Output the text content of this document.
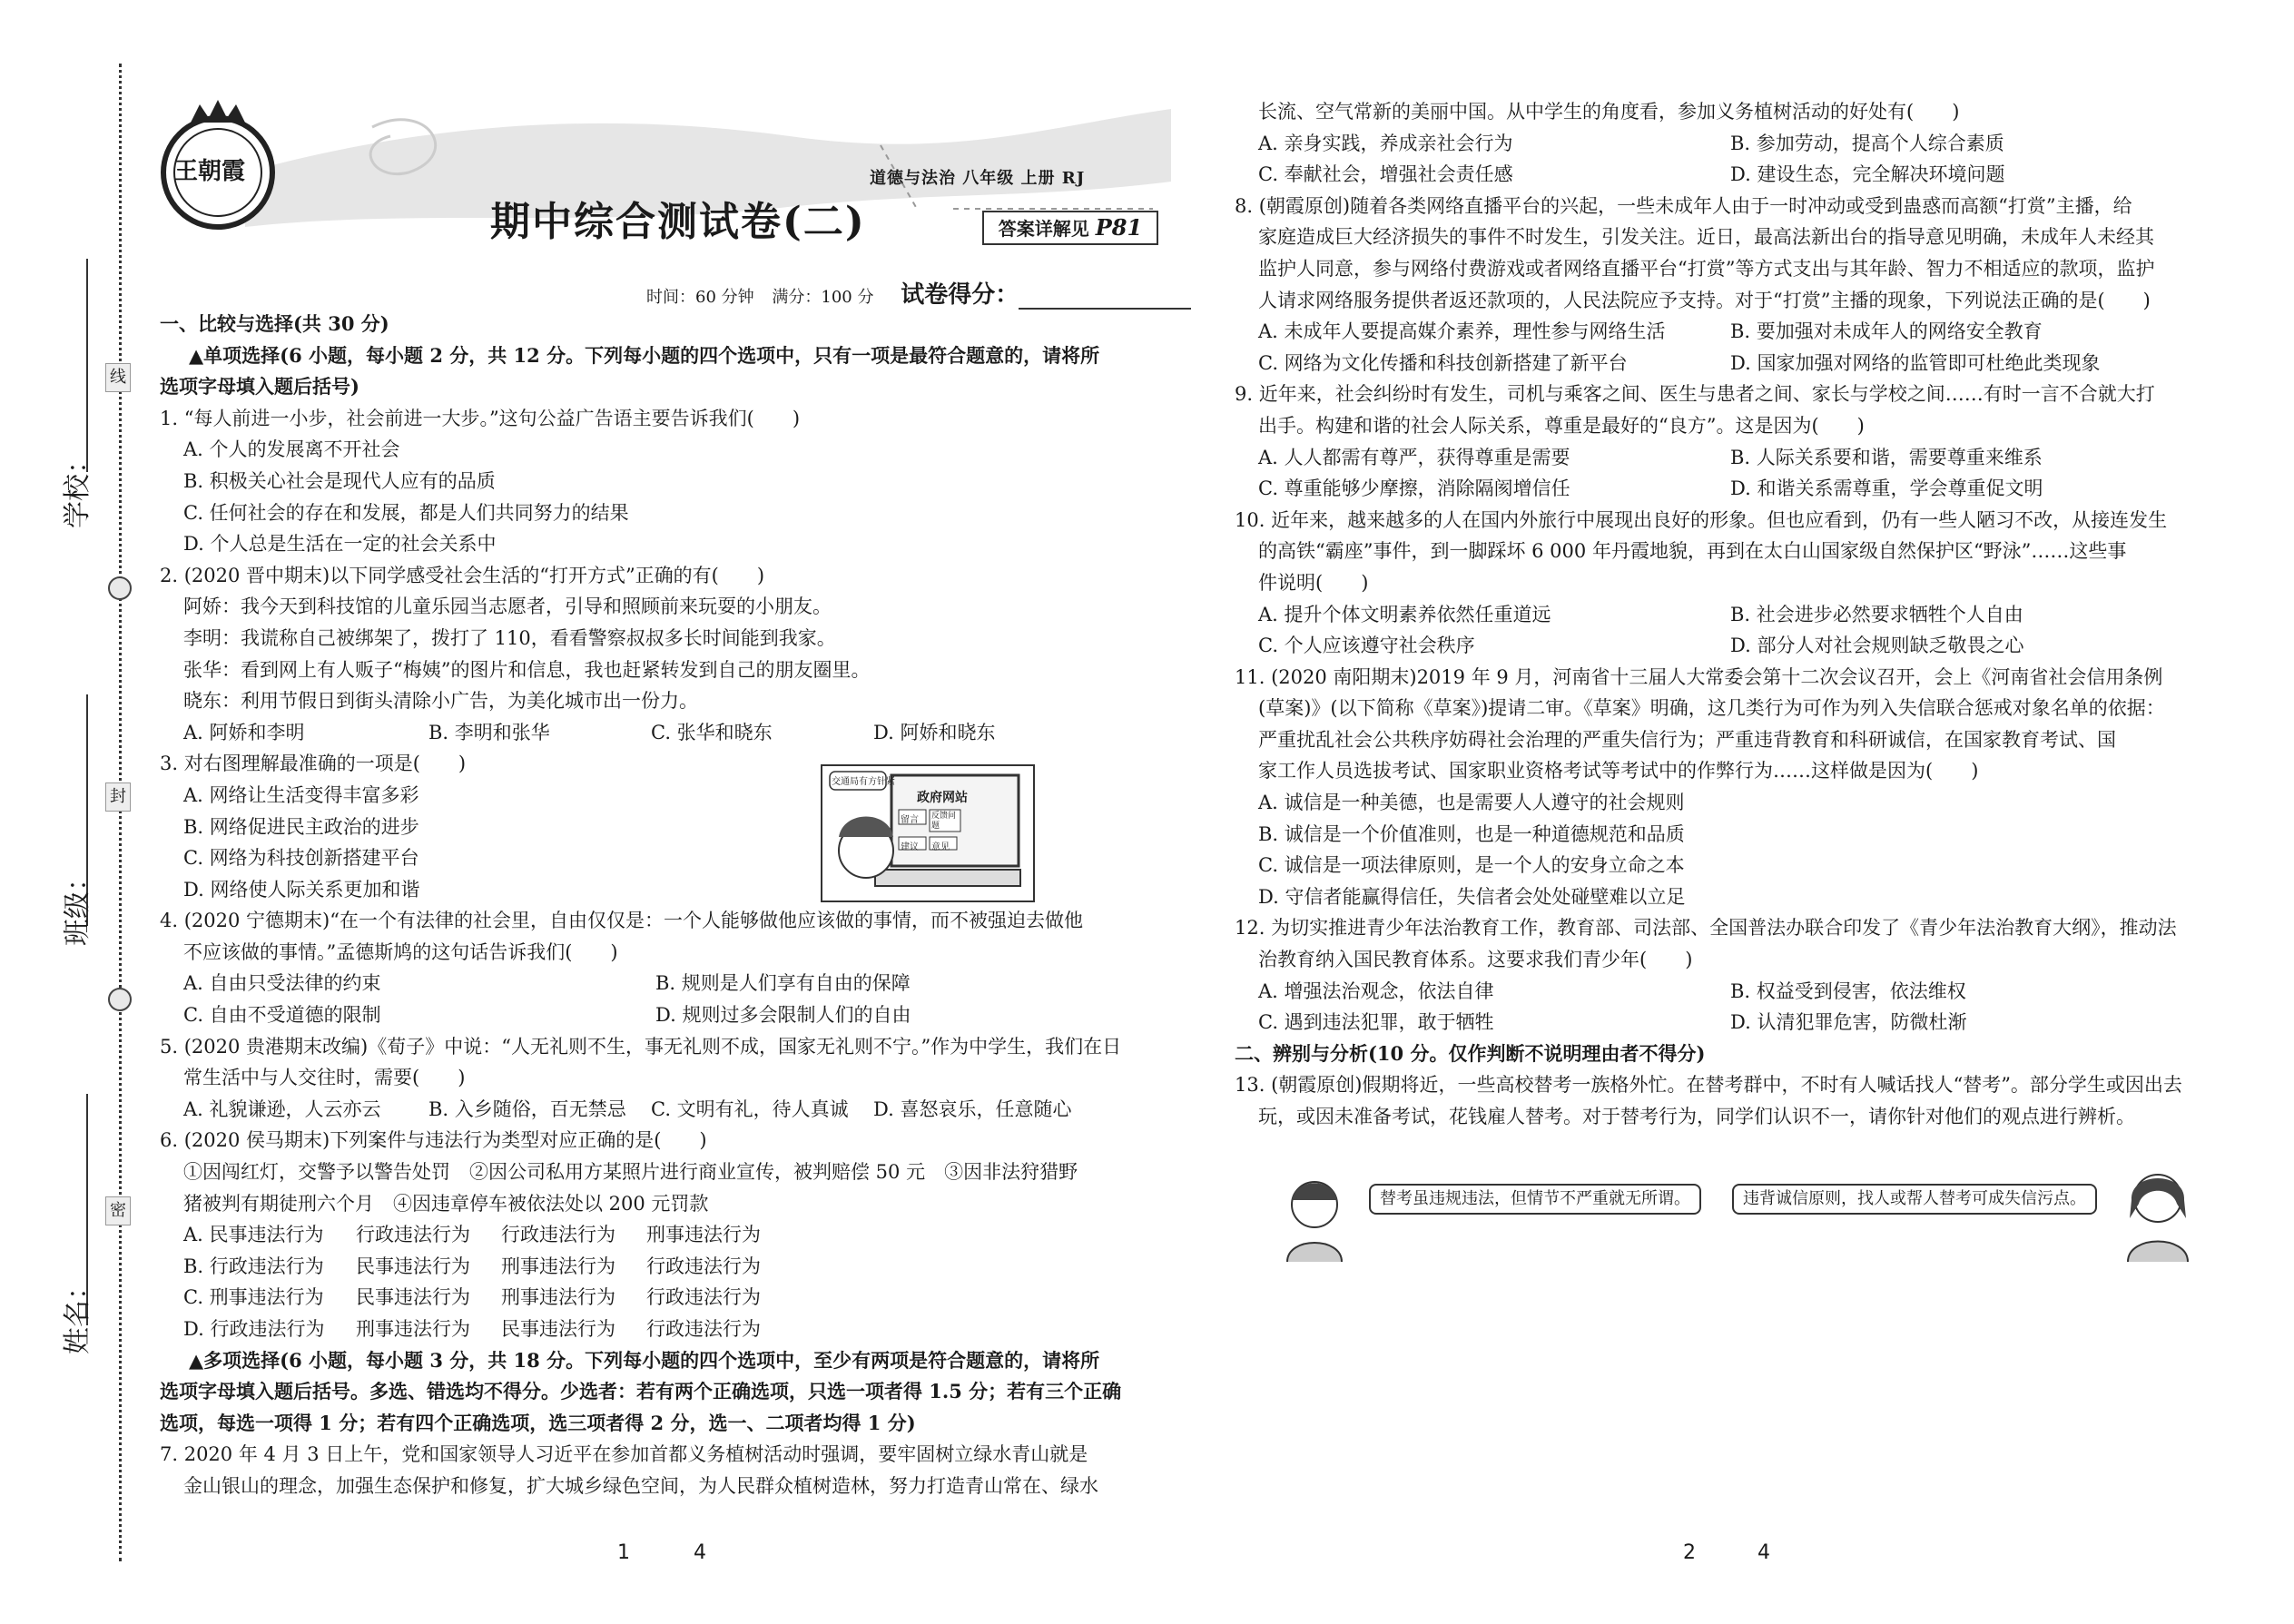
线
封
密
学校：
班级：
姓名：
王朝霞	道德与法治 八年级 上册 RJ
期中综合测试卷(二)	答案详解见 P81
时间：60 分钟 满分：100 分 试卷得分：

一、比较与选择(共 30 分)

▲单项选择(6 小题，每小题 2 分，共 12 分。下列每小题的四个选项中，只有一项是最符合题意的，请将所

选项字母填入题后括号)

1. “每人前进一小步，社会前进一大步。”这句公益广告语主要告诉我们(　　)

A. 个人的发展离不开社会

B. 积极关心社会是现代人应有的品质

C. 任何社会的存在和发展，都是人们共同努力的结果

D. 个人总是生活在一定的社会关系中

2. (2020 晋中期末)以下同学感受社会生活的“打开方式”正确的有(　　)

阿娇：我今天到科技馆的儿童乐园当志愿者，引导和照顾前来玩耍的小朋友。

李明：我谎称自己被绑架了，拨打了 110，看看警察叔叔多长时间能到我家。

张华：看到网上有人贩子“梅姨”的图片和信息，我也赶紧转发到自己的朋友圈里。

晓东：利用节假日到街头清除小广告，为美化城市出一份力。

A. 阿娇和李明	B. 李明和张华	C. 张华和晓东	D. 阿娇和晓东

3. 对右图理解最准确的一项是(　　)

A. 网络让生活变得丰富多彩

B. 网络促进民主政治的进步

C. 网络为科技创新搭建平台

D. 网络使人际关系更加和谐

4. (2020 宁德期末)“在一个有法律的社会里，自由仅仅是：一个人能够做他应该做的事情，而不被强迫去做他

不应该做的事情。”孟德斯鸠的这句话告诉我们(　　)

A. 自由只受法律的约束	B. 规则是人们享有自由的保障
C. 自由不受道德的限制	D. 规则过多会限制人们的自由

5. (2020 贵港期末改编)《荀子》中说：“人无礼则不生，事无礼则不成，国家无礼则不宁。”作为中学生，我们在日

常生活中与人交往时，需要(　　)

A. 礼貌谦逊，人云亦云	B. 入乡随俗，百无禁忌	C. 文明有礼，待人真诚	D. 喜怒哀乐，任意随心

6. (2020 侯马期末)下列案件与违法行为类型对应正确的是(　　)

①因闯红灯，交警予以警告处罚　②因公司私用方某照片进行商业宣传，被判赔偿 50 元　③因非法狩猎野

猪被判有期徒刑六个月　④因违章停车被依法处以 200 元罚款

A. 民事违法行为	行政违法行为	行政违法行为	刑事违法行为
B. 行政违法行为	民事违法行为	刑事违法行为	行政违法行为
C. 刑事违法行为	民事违法行为	刑事违法行为	行政违法行为
D. 行政违法行为	刑事违法行为	民事违法行为	行政违法行为

▲多项选择(6 小题，每小题 3 分，共 18 分。下列每小题的四个选项中，至少有两项是符合题意的，请将所

选项字母填入题后括号。多选、错选均不得分。少选者：若有两个正确选项，只选一项者得 1.5 分；若有三个正确

选项，每选一项得 1 分；若有四个正确选项，选三项者得 2 分，选一、二项者均得 1 分)

7. 2020 年 4 月 3 日上午，党和国家领导人习近平在参加首都义务植树活动时强调，要牢固树立绿水青山就是

金山银山的理念，加强生态保护和修复，扩大城乡绿色空间，为人民群众植树造林，努力打造青山常在、绿水

交通局有方针紧
政府网站
留言 反馈问题
建议 意见

长流、空气常新的美丽中国。从中学生的角度看，参加义务植树活动的好处有(　　)

A. 亲身实践，养成亲社会行为	B. 参加劳动，提高个人综合素质
C. 奉献社会，增强社会责任感	D. 建设生态，完全解决环境问题

8. (朝霞原创)随着各类网络直播平台的兴起，一些未成年人由于一时冲动或受到蛊惑而高额“打赏”主播，给

家庭造成巨大经济损失的事件不时发生，引发关注。近日，最高法新出台的指导意见明确，未成年人未经其

监护人同意，参与网络付费游戏或者网络直播平台“打赏”等方式支出与其年龄、智力不相适应的款项，监护

人请求网络服务提供者返还款项的，人民法院应予支持。对于“打赏”主播的现象，下列说法正确的是(　　)

A. 未成年人要提高媒介素养，理性参与网络生活	B. 要加强对未成年人的网络安全教育
C. 网络为文化传播和科技创新搭建了新平台	D. 国家加强对网络的监管即可杜绝此类现象

9. 近年来，社会纠纷时有发生，司机与乘客之间、医生与患者之间、家长与学校之间……有时一言不合就大打

出手。构建和谐的社会人际关系，尊重是最好的“良方”。这是因为(　　)

A. 人人都需有尊严，获得尊重是需要	B. 人际关系要和谐，需要尊重来维系
C. 尊重能够少摩擦，消除隔阂增信任	D. 和谐关系需尊重，学会尊重促文明

10. 近年来，越来越多的人在国内外旅行中展现出良好的形象。但也应看到，仍有一些人陋习不改，从接连发生

的高铁“霸座”事件，到一脚踩坏 6 000 年丹霞地貌，再到在太白山国家级自然保护区“野泳”……这些事

件说明(　　)

A. 提升个体文明素养依然任重道远	B. 社会进步必然要求牺牲个人自由
C. 个人应该遵守社会秩序	D. 部分人对社会规则缺乏敬畏之心

11. (2020 南阳期末)2019 年 9 月，河南省十三届人大常委会第十二次会议召开，会上《河南省社会信用条例

(草案)》(以下简称《草案》)提请二审。《草案》明确，这几类行为可作为列入失信联合惩戒对象名单的依据：

严重扰乱社会公共秩序妨碍社会治理的严重失信行为；严重违背教育和科研诚信，在国家教育考试、国

家工作人员选拔考试、国家职业资格考试等考试中的作弊行为……这样做是因为(　　)

A. 诚信是一种美德，也是需要人人遵守的社会规则

B. 诚信是一个价值准则，也是一种道德规范和品质

C. 诚信是一项法律原则，是一个人的安身立命之本

D. 守信者能赢得信任，失信者会处处碰壁难以立足

12. 为切实推进青少年法治教育工作，教育部、司法部、全国普法办联合印发了《青少年法治教育大纲》，推动法

治教育纳入国民教育体系。这要求我们青少年(　　)

A. 增强法治观念，依法自律	B. 权益受到侵害，依法维权
C. 遇到违法犯罪，敢于牺牲	D. 认清犯罪危害，防微杜渐

二、辨别与分析(10 分。仅作判断不说明理由者不得分)

13. (朝霞原创)假期将近，一些高校替考一族格外忙。在替考群中，不时有人喊话找人“替考”。部分学生或因出去

玩，或因未准备考试，花钱雇人替考。对于替考行为，同学们认识不一，请你针对他们的观点进行辨析。

替考虽违规违法，但情节不严重就无所谓。	违背诚信原则，找人或帮人替考可成失信污点。
1	4	2	4
